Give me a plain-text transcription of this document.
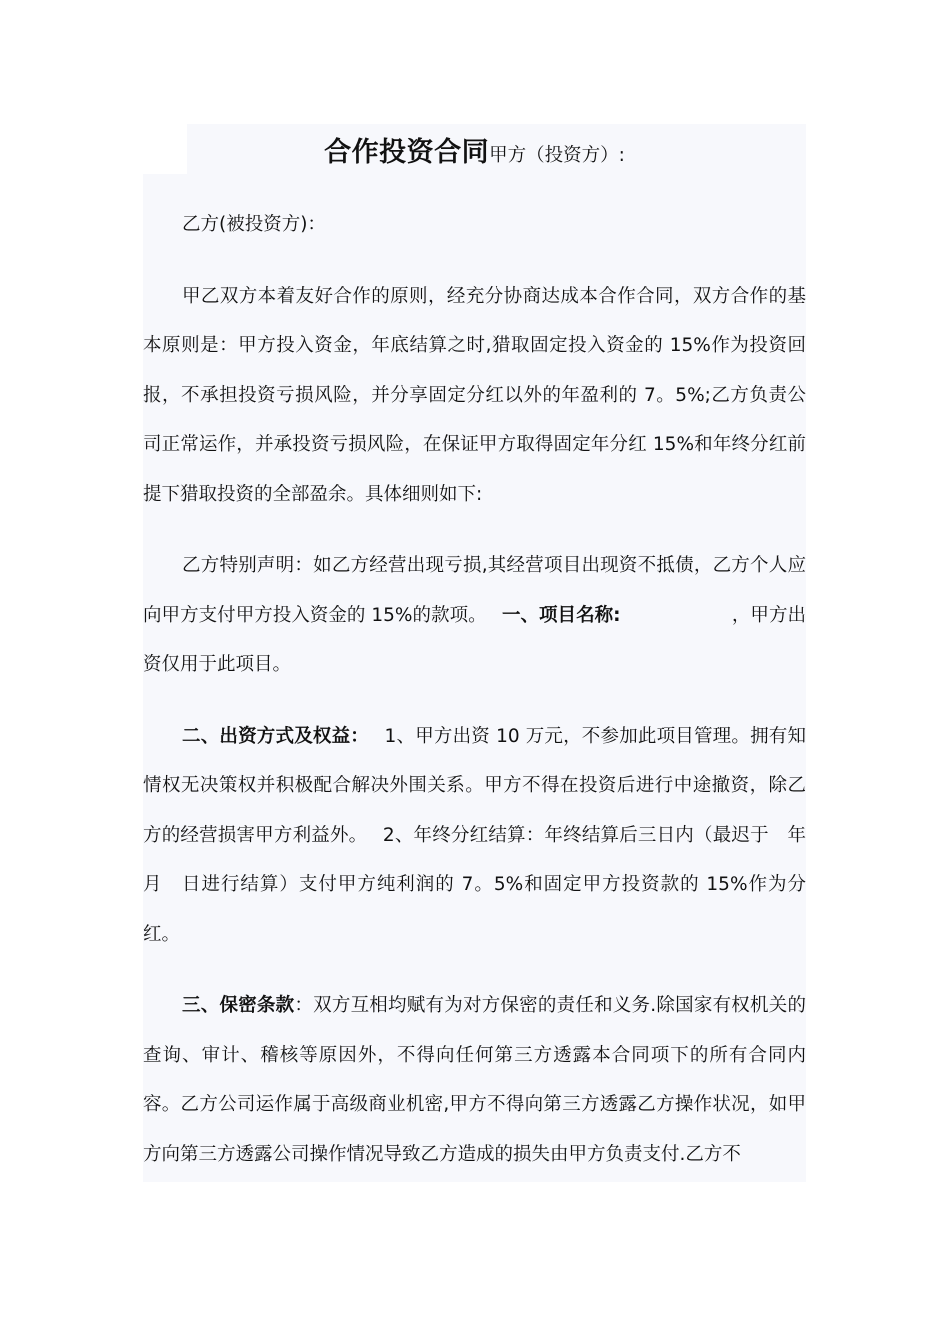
合作投资合同甲方（投资方）:

乙方(被投资方)：

甲乙双方本着友好合作的原则，经充分协商达成本合作合同，双方合作的基本原则是：甲方投入资金，年底结算之时,猎取固定投入资金的 15%作为投资回报，不承担投资亏损风险，并分享固定分红以外的年盈利的 7。5%;乙方负责公司正常运作，并承投资亏损风险，在保证甲方取得固定年分红 15%和年终分红前提下猎取投资的全部盈余。具体细则如下:

乙方特别声明：如乙方经营出现亏损,其经营项目出现资不抵债，乙方个人应向甲方支付甲方投入资金的 15%的款项。　 一、项目名称:　　　　　　	，甲方出资仅用于此项目。

二、出资方式及权益：　 1、甲方出资 10 万元，不参加此项目管理。拥有知情权无决策权并积极配合解决外围关系。甲方不得在投资后进行中途撤资，除乙方的经营损害甲方利益外。　 2、年终分红结算：年终结算后三日内（最迟于　年　月　日进行结算）支付甲方纯利润的 7。5%和固定甲方投资款的 15%作为分红。

三、保密条款：双方互相均赋有为对方保密的责任和义务.除国家有权机关的查询、审计、稽核等原因外，不得向任何第三方透露本合同项下的所有合同内容。乙方公司运作属于高级商业机密,甲方不得向第三方透露乙方操作状况，如甲方向第三方透露公司操作情况导致乙方造成的损失由甲方负责支付.乙方不
